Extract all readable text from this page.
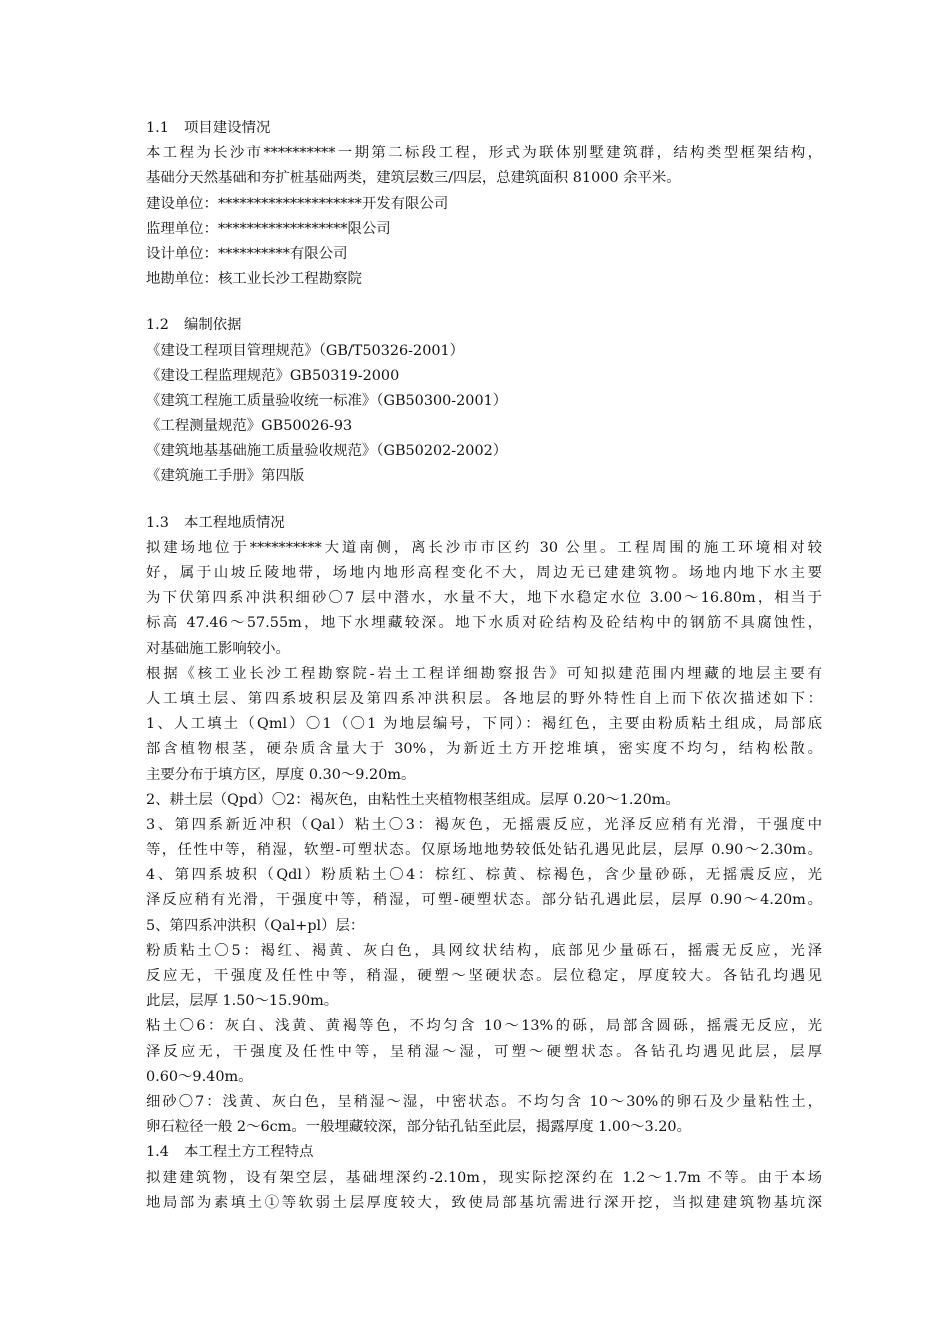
1.1 项目建设情况
本工程为长沙市**********一期第二标段工程，形式为联体别墅建筑群，结构类型框架结构，
基础分天然基础和夯扩桩基础两类，建筑层数三/四层，总建筑面积 81000 余平米。
建设单位：********************开发有限公司
监理单位：******************限公司
设计单位：**********有限公司
地勘单位：核工业长沙工程勘察院
1.2 编制依据
《建设工程项目管理规范》（GB/T50326-2001）
《建设工程监理规范》GB50319-2000
《建筑工程施工质量验收统一标准》（GB50300-2001）
《工程测量规范》GB50026-93
《建筑地基基础施工质量验收规范》（GB50202-2002）
《建筑施工手册》第四版
1.3 本工程地质情况
拟建场地位于**********大道南侧，离长沙市市区约 30 公里。工程周围的施工环境相对较
好，属于山坡丘陵地带，场地内地形高程变化不大，周边无已建建筑物。场地内地下水主要
为下伏第四系冲洪积细砂〇7 层中潜水，水量不大，地下水稳定水位 3.00～16.80m，相当于
标高 47.46～57.55m，地下水埋藏较深。地下水质对砼结构及砼结构中的钢筋不具腐蚀性，
对基础施工影响较小。
根据《核工业长沙工程勘察院-岩土工程详细勘察报告》可知拟建范围内埋藏的地层主要有
人工填土层、第四系坡积层及第四系冲洪积层。各地层的野外特性自上而下依次描述如下：
1、人工填土（Qml）〇1（〇1 为地层编号，下同）：褐红色，主要由粉质粘土组成，局部底
部含植物根茎，硬杂质含量大于 30%，为新近土方开挖堆填，密实度不均匀，结构松散。
主要分布于填方区，厚度 0.30～9.20m。
2、耕土层（Qpd）〇2：褐灰色，由粘性土夹植物根茎组成。层厚 0.20～1.20m。
3、第四系新近冲积（Qal）粘土〇3：褐灰色，无摇震反应，光泽反应稍有光滑，干强度中
等，任性中等，稍湿，软塑-可塑状态。仅原场地地势较低处钻孔遇见此层，层厚 0.90～2.30m。
4、第四系坡积（Qdl）粉质粘土〇4：棕红、棕黄、棕褐色，含少量砂砾，无摇震反应，光
泽反应稍有光滑，干强度中等，稍湿，可塑-硬塑状态。部分钻孔遇此层，层厚 0.90～4.20m。
5、第四系冲洪积（Qal+pl）层：
粉质粘土〇5：褐红、褐黄、灰白色，具网纹状结构，底部见少量砾石，摇震无反应，光泽
反应无，干强度及任性中等，稍湿，硬塑～坚硬状态。层位稳定，厚度较大。各钻孔均遇见
此层，层厚 1.50～15.90m。
粘土〇6：灰白、浅黄、黄褐等色，不均匀含 10～13%的砾，局部含圆砾，摇震无反应，光
泽反应无，干强度及任性中等，呈稍湿～湿，可塑～硬塑状态。各钻孔均遇见此层，层厚
0.60～9.40m。
细砂〇7：浅黄、灰白色，呈稍湿～湿，中密状态。不均匀含 10～30%的卵石及少量粘性土，
卵石粒径一般 2～6cm。一般埋藏较深，部分钻孔钻至此层，揭露厚度 1.00～3.20。
1.4 本工程土方工程特点
拟建建筑物，设有架空层，基础埋深约-2.10m，现实际挖深约在 1.2～1.7m 不等。由于本场
地局部为素填土①等软弱土层厚度较大，致使局部基坑需进行深开挖，当拟建建筑物基坑深
